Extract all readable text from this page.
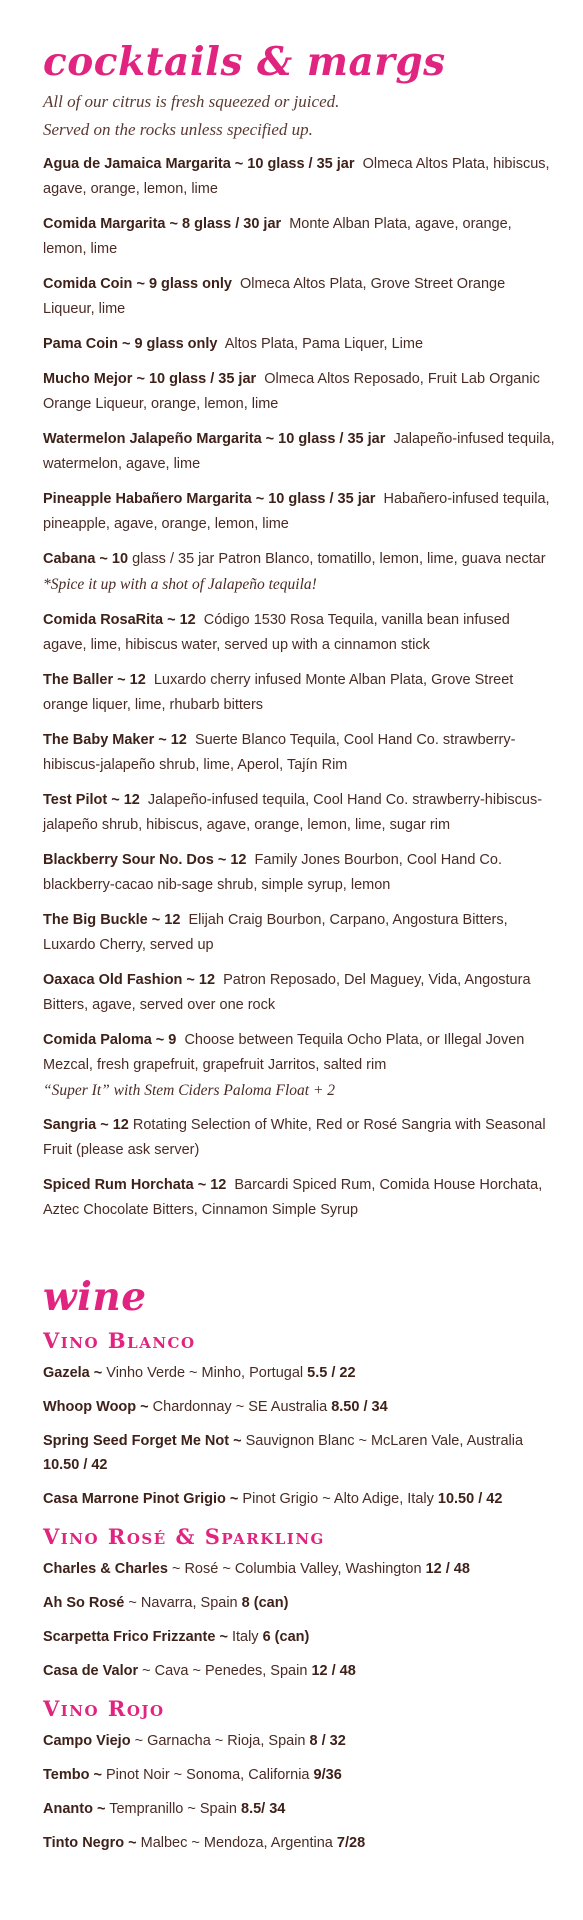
cocktails & margs
All of our citrus is fresh squeezed or juiced.
Served on the rocks unless specified up.
Agua de Jamaica Margarita ~ 10 glass / 35 jar Olmeca Altos Plata, hibiscus, agave, orange, lemon, lime
Comida Margarita ~ 8 glass / 30 jar Monte Alban Plata, agave, orange, lemon, lime
Comida Coin ~ 9 glass only Olmeca Altos Plata, Grove Street Orange Liqueur, lime
Pama Coin ~ 9 glass only Altos Plata, Pama Liquer, Lime
Mucho Mejor ~ 10 glass / 35 jar Olmeca Altos Reposado, Fruit Lab Organic Orange Liqueur, orange, lemon, lime
Watermelon Jalapeño Margarita ~ 10 glass / 35 jar Jalapeño-infused tequila, watermelon, agave, lime
Pineapple Habañero Margarita ~ 10 glass / 35 jar Habañero-infused tequila, pineapple, agave, orange, lemon, lime
Cabana ~ 10 glass / 35 jar Patron Blanco, tomatillo, lemon, lime, guava nectar  *Spice it up with a shot of Jalapeño tequila!
Comida RosaRita ~ 12 Código 1530 Rosa Tequila, vanilla bean infused agave, lime, hibiscus water, served up with a cinnamon stick
The Baller ~ 12 Luxardo cherry infused Monte Alban Plata, Grove Street orange liquer, lime, rhubarb bitters
The Baby Maker ~ 12 Suerte Blanco Tequila, Cool Hand Co. strawberry-hibiscus-jalapeño shrub, lime, Aperol, Tajín Rim
Test Pilot ~ 12 Jalapeño-infused tequila, Cool Hand Co. strawberry-hibiscus-jalapeño shrub, hibiscus, agave, orange, lemon, lime, sugar rim
Blackberry Sour No. Dos ~ 12 Family Jones Bourbon, Cool Hand Co. blackberry-cacao nib-sage shrub, simple syrup, lemon
The Big Buckle ~ 12 Elijah Craig Bourbon, Carpano, Angostura Bitters, Luxardo Cherry, served up
Oaxaca Old Fashion ~ 12 Patron Reposado, Del Maguey, Vida, Angostura Bitters, agave, served over one rock
Comida Paloma ~ 9 Choose between Tequila Ocho Plata, or Illegal Joven Mezcal, fresh grapefruit, grapefruit Jarritos, salted rim
“Super It” with Stem Ciders Paloma Float + 2
Sangria ~ 12 Rotating Selection of White, Red or Rosé Sangria with Seasonal Fruit (please ask server)
Spiced Rum Horchata ~ 12 Barcardi Spiced Rum, Comida House Horchata, Aztec Chocolate Bitters, Cinnamon Simple Syrup
wine
Vino Blanco
Gazela ~ Vinho Verde ~ Minho, Portugal 5.5 / 22
Whoop Woop ~ Chardonnay ~ SE Australia 8.50 / 34
Spring Seed Forget Me Not ~ Sauvignon Blanc ~ McLaren Vale, Australia 10.50 / 42
Casa Marrone Pinot Grigio ~ Pinot Grigio ~ Alto Adige, Italy 10.50 / 42
Vino Rosé & Sparkling
Charles & Charles ~ Rosé ~ Columbia Valley, Washington 12 / 48
Ah So Rosé ~ Navarra, Spain 8 (can)
Scarpetta Frico Frizzante ~ Italy 6 (can)
Casa de Valor ~ Cava ~ Penedes, Spain 12 / 48
Vino Rojo
Campo Viejo ~ Garnacha ~ Rioja, Spain 8 / 32
Tembo ~ Pinot Noir ~ Sonoma, California 9/36
Ananto ~ Tempranillo ~ Spain 8.5/ 34
Tinto Negro ~ Malbec ~ Mendoza, Argentina 7/28
